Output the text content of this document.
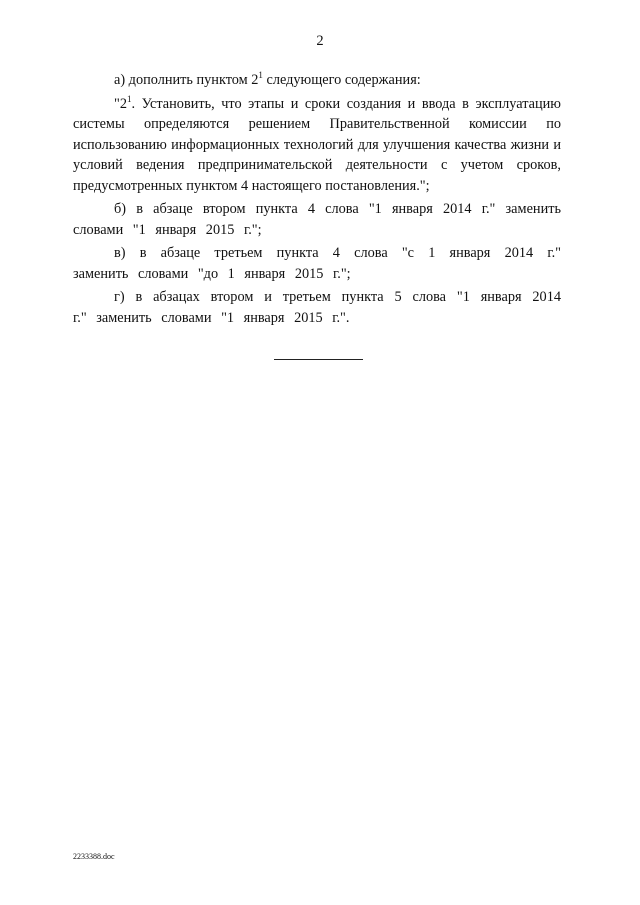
2

а) дополнить пунктом $2^1$ следующего содержания:

"$2^1$. Установить, что этапы и сроки создания и ввода в эксплуатацию системы определяются решением Правительственной комиссии по использованию информационных технологий для улучшения качества жизни и условий ведения предпринимательской деятельности с учетом сроков, предусмотренных пунктом 4 настоящего постановления.";

б) в абзаце втором пункта 4 слова "1 января 2014 г." заменить словами "1 января 2015 г.";

в) в абзаце третьем пункта 4 слова "с 1 января 2014 г." заменить словами "до 1 января 2015 г.";

г) в абзацах втором и третьем пункта 5 слова "1 января 2014 г." заменить словами "1 января 2015 г.".

2233388.doc
